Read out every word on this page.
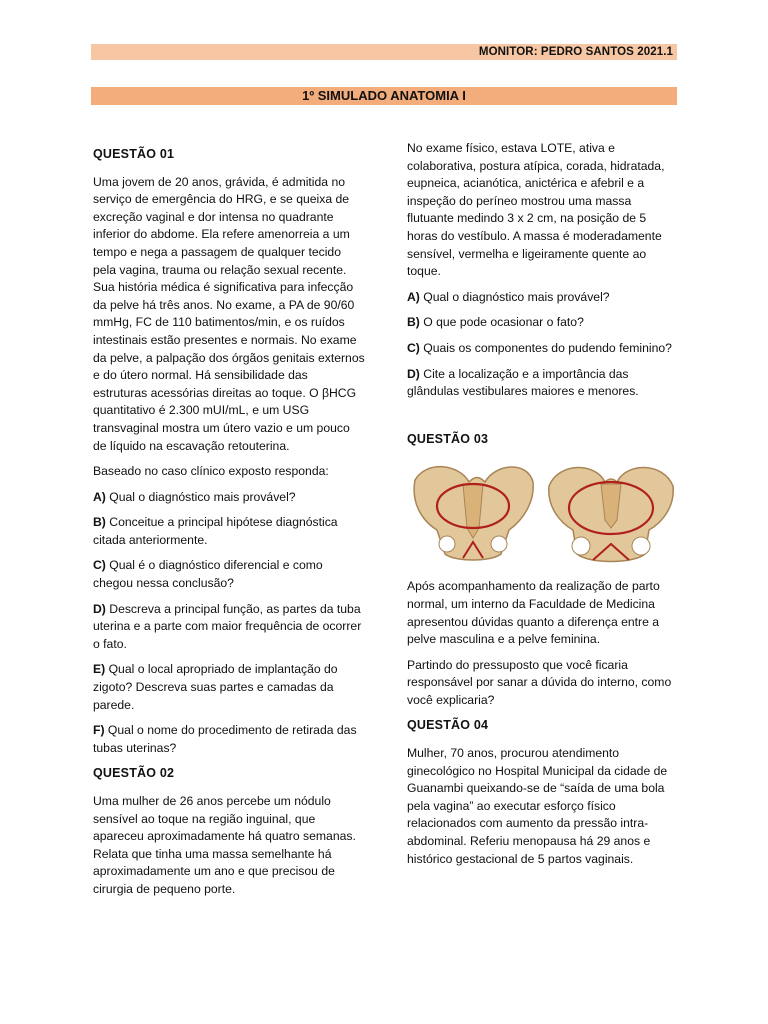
MONITOR: PEDRO SANTOS 2021.1
1º SIMULADO ANATOMIA I
QUESTÃO 01

Uma jovem de 20 anos, grávida, é admitida no serviço de emergência do HRG, e se queixa de excreção vaginal e dor intensa no quadrante inferior do abdome. Ela refere amenorreia a um tempo e nega a passagem de qualquer tecido pela vagina, trauma ou relação sexual recente. Sua história médica é significativa para infecção da pelve há três anos. No exame, a PA de 90/60 mmHg, FC de 110 batimentos/min, e os ruídos intestinais estão presentes e normais. No exame da pelve, a palpação dos órgãos genitais externos e do útero normal. Há sensibilidade das estruturas acessórias direitas ao toque. O βHCG quantitativo é 2.300 mUI/mL, e um USG transvaginal mostra um útero vazio e um pouco de líquido na escavação retouterina.

Baseado no caso clínico exposto responda:

A) Qual o diagnóstico mais provável?

B) Conceitue a principal hipótese diagnóstica citada anteriormente.

C) Qual é o diagnóstico diferencial e como chegou nessa conclusão?

D) Descreva a principal função, as partes da tuba uterina e a parte com maior frequência de ocorrer o fato.

E) Qual o local apropriado de implantação do zigoto? Descreva suas partes e camadas da parede.

F) Qual o nome do procedimento de retirada das tubas uterinas?

QUESTÃO 02

Uma mulher de 26 anos percebe um nódulo sensível ao toque na região inguinal, que apareceu aproximadamente há quatro semanas. Relata que tinha uma massa semelhante há aproximadamente um ano e que precisou de cirurgia de pequeno porte.

No exame físico, estava LOTE, ativa e colaborativa, postura atípica, corada, hidratada, eupneica, acianótica, anictérica e afebril e a inspeção do períneo mostrou uma massa flutuante medindo 3 x 2 cm, na posição de 5 horas do vestíbulo. A massa é moderadamente sensível, vermelha e ligeiramente quente ao toque.

A) Qual o diagnóstico mais provável?

B) O que pode ocasionar o fato?

C) Quais os componentes do pudendo feminino?

D) Cite a localização e a importância das glândulas vestibulares maiores e menores.

QUESTÃO 03

Após acompanhamento da realização de parto normal, um interno da Faculdade de Medicina apresentou dúvidas quanto a diferença entre a pelve masculina e a pelve feminina.

Partindo do pressuposto que você ficaria responsável por sanar a dúvida do interno, como você explicaria?

QUESTÃO 04

Mulher, 70 anos, procurou atendimento ginecológico no Hospital Municipal da cidade de Guanambi queixando-se de “saída de uma bola pela vagina” ao executar esforço físico relacionados com aumento da pressão intra-abdominal. Referiu menopausa há 29 anos e histórico gestacional de 5 partos vaginais.
